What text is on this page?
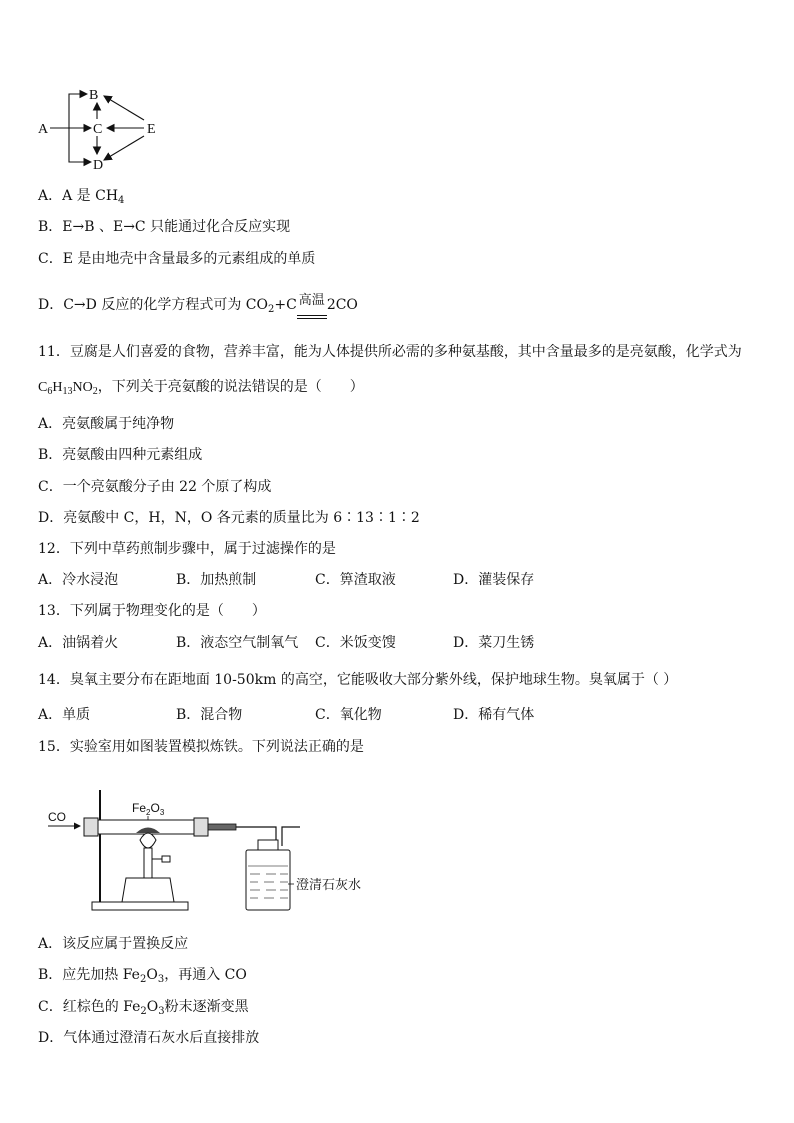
A
B
C
D
E
A．A 是 $CH_4$
B．E→B 、E→C 只能通过化合反应实现
C．E 是由地壳中含量最多的元素组成的单质
D．C→D 反应的化学方程式可为 $CO_2+C$ 高温 2CO
11．豆腐是人们喜爱的食物，营养丰富，能为人体提供所必需的多种氨基酸，其中含量最多的是亮氨酸，化学式为
$C_6H_{13}NO_2$，下列关于亮氨酸的说法错误的是（　　）
A．亮氨酸属于纯净物
B．亮氨酸由四种元素组成
C．一个亮氨酸分子由 22 个原了构成
D．亮氨酸中 C，H，N，O 各元素的质量比为 6∶13∶1∶2
12．下列中草药煎制步骤中，属于过滤操作的是
A．冷水浸泡	B．加热煎制	C．箅渣取液	D．灌装保存
13．下列属于物理变化的是（　　）
A．油锅着火	B．液态空气制氧气 C．米饭变馊	D．菜刀生锈
14．臭氧主要分布在距地面 10-50km 的高空，它能吸收大部分紫外线，保护地球生物。臭氧属于（ ）
A．单质	B．混合物	C．氧化物	D．稀有气体
15．实验室用如图装置模拟炼铁。下列说法正确的是
CO
$Fe_2O_3$
澄清石灰水
A．该反应属于置换反应
B．应先加热 $Fe_2O_3$，再通入 CO
C．红棕色的 $Fe_2O_3$粉末逐渐变黑
D．气体通过澄清石灰水后直接排放
